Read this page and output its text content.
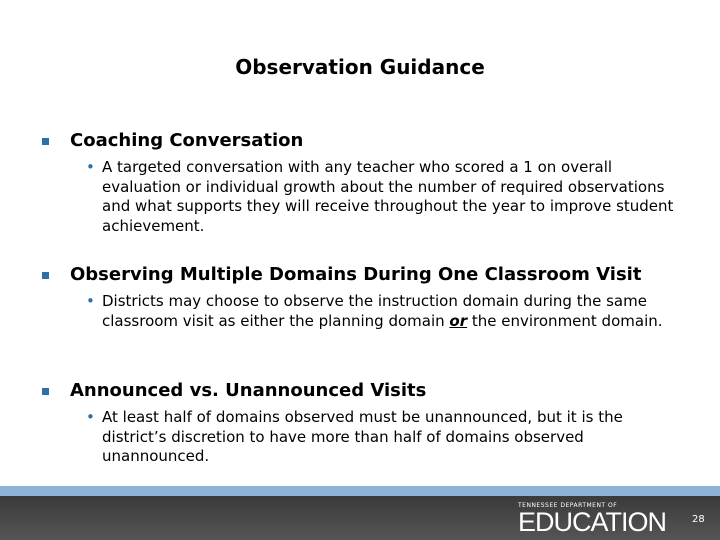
Observation Guidance
Coaching Conversation
• A targeted conversation with any teacher who scored a 1 on overall evaluation or individual growth about the number of required observations and what supports they will receive throughout the year to improve student achievement.
Observing Multiple Domains During One Classroom Visit
• Districts may choose to observe the instruction domain during the same classroom visit as either the planning domain or the environment domain.
Announced vs. Unannounced Visits
• At least half of domains observed must be unannounced, but it is the district’s discretion to have more than half of domains observed unannounced.
TENNESSEE DEPARTMENT OF
EDUCATION	28
